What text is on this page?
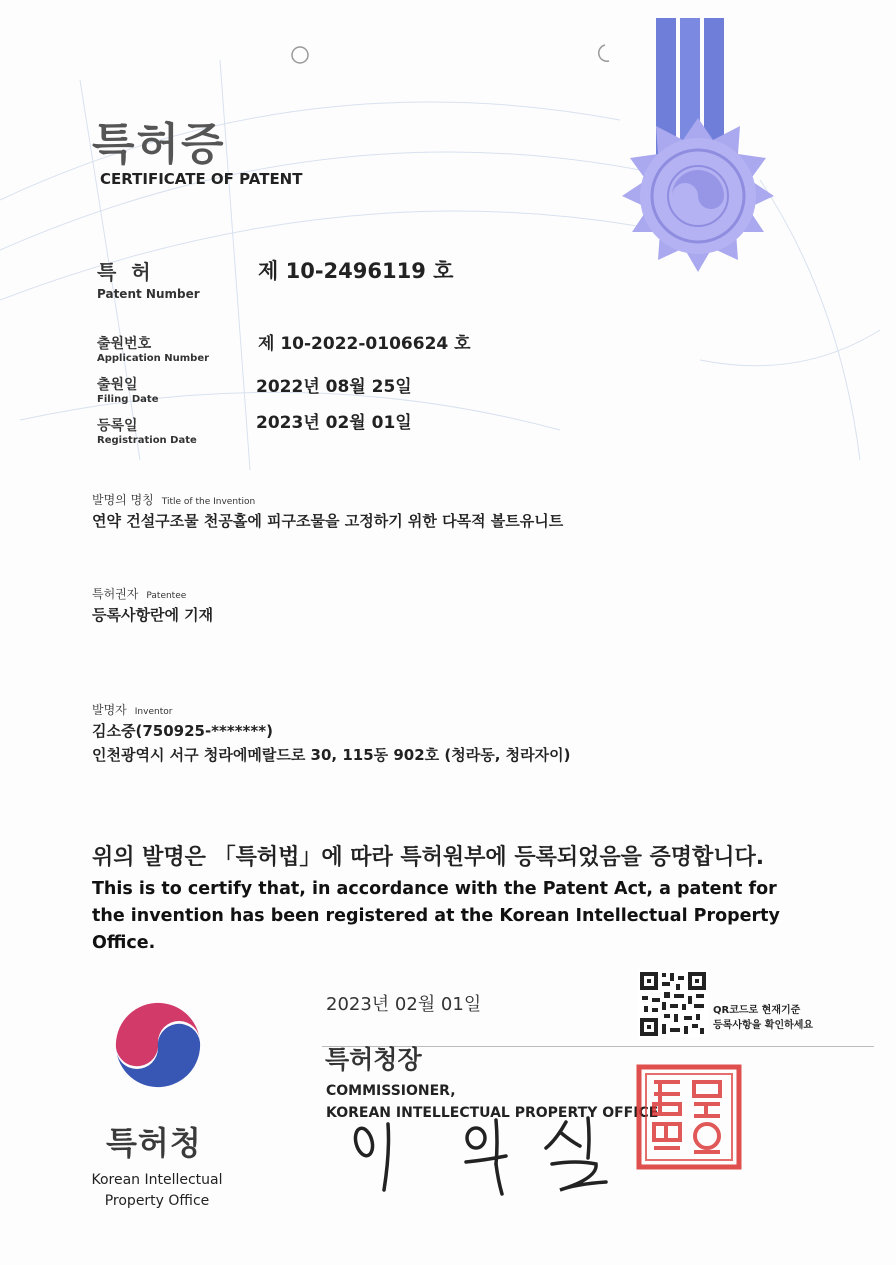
특허증
CERTIFICATE OF PATENT
특 허
Patent Number
제 10-2496119 호
출원번호
Application Number
제 10-2022-0106624 호
출원일
Filing Date
2022년 08월 25일
등록일
Registration Date
2023년 02월 01일
발명의 명칭 Title of the Invention
연약 건설구조물 천공홀에 피구조물을 고정하기 위한 다목적 볼트유니트
특허권자 Patentee
등록사항란에 기재
발명자 Inventor
김소중(750925-*******)
인천광역시 서구 청라에메랄드로 30, 115동 902호 (청라동, 청라자이)
위의 발명은 「특허법」에 따라 특허원부에 등록되었음을 증명합니다.
This is to certify that, in accordance with the Patent Act, a patent for the invention has been registered at the Korean Intellectual Property Office.
특허청
Korean Intellectual
Property Office
2023년 02월 01일	QR코드로 현재기준
등록사항을 확인하세요
특허청장
COMMISSIONER,
KOREAN INTELLECTUAL PROPERTY OFFICE
